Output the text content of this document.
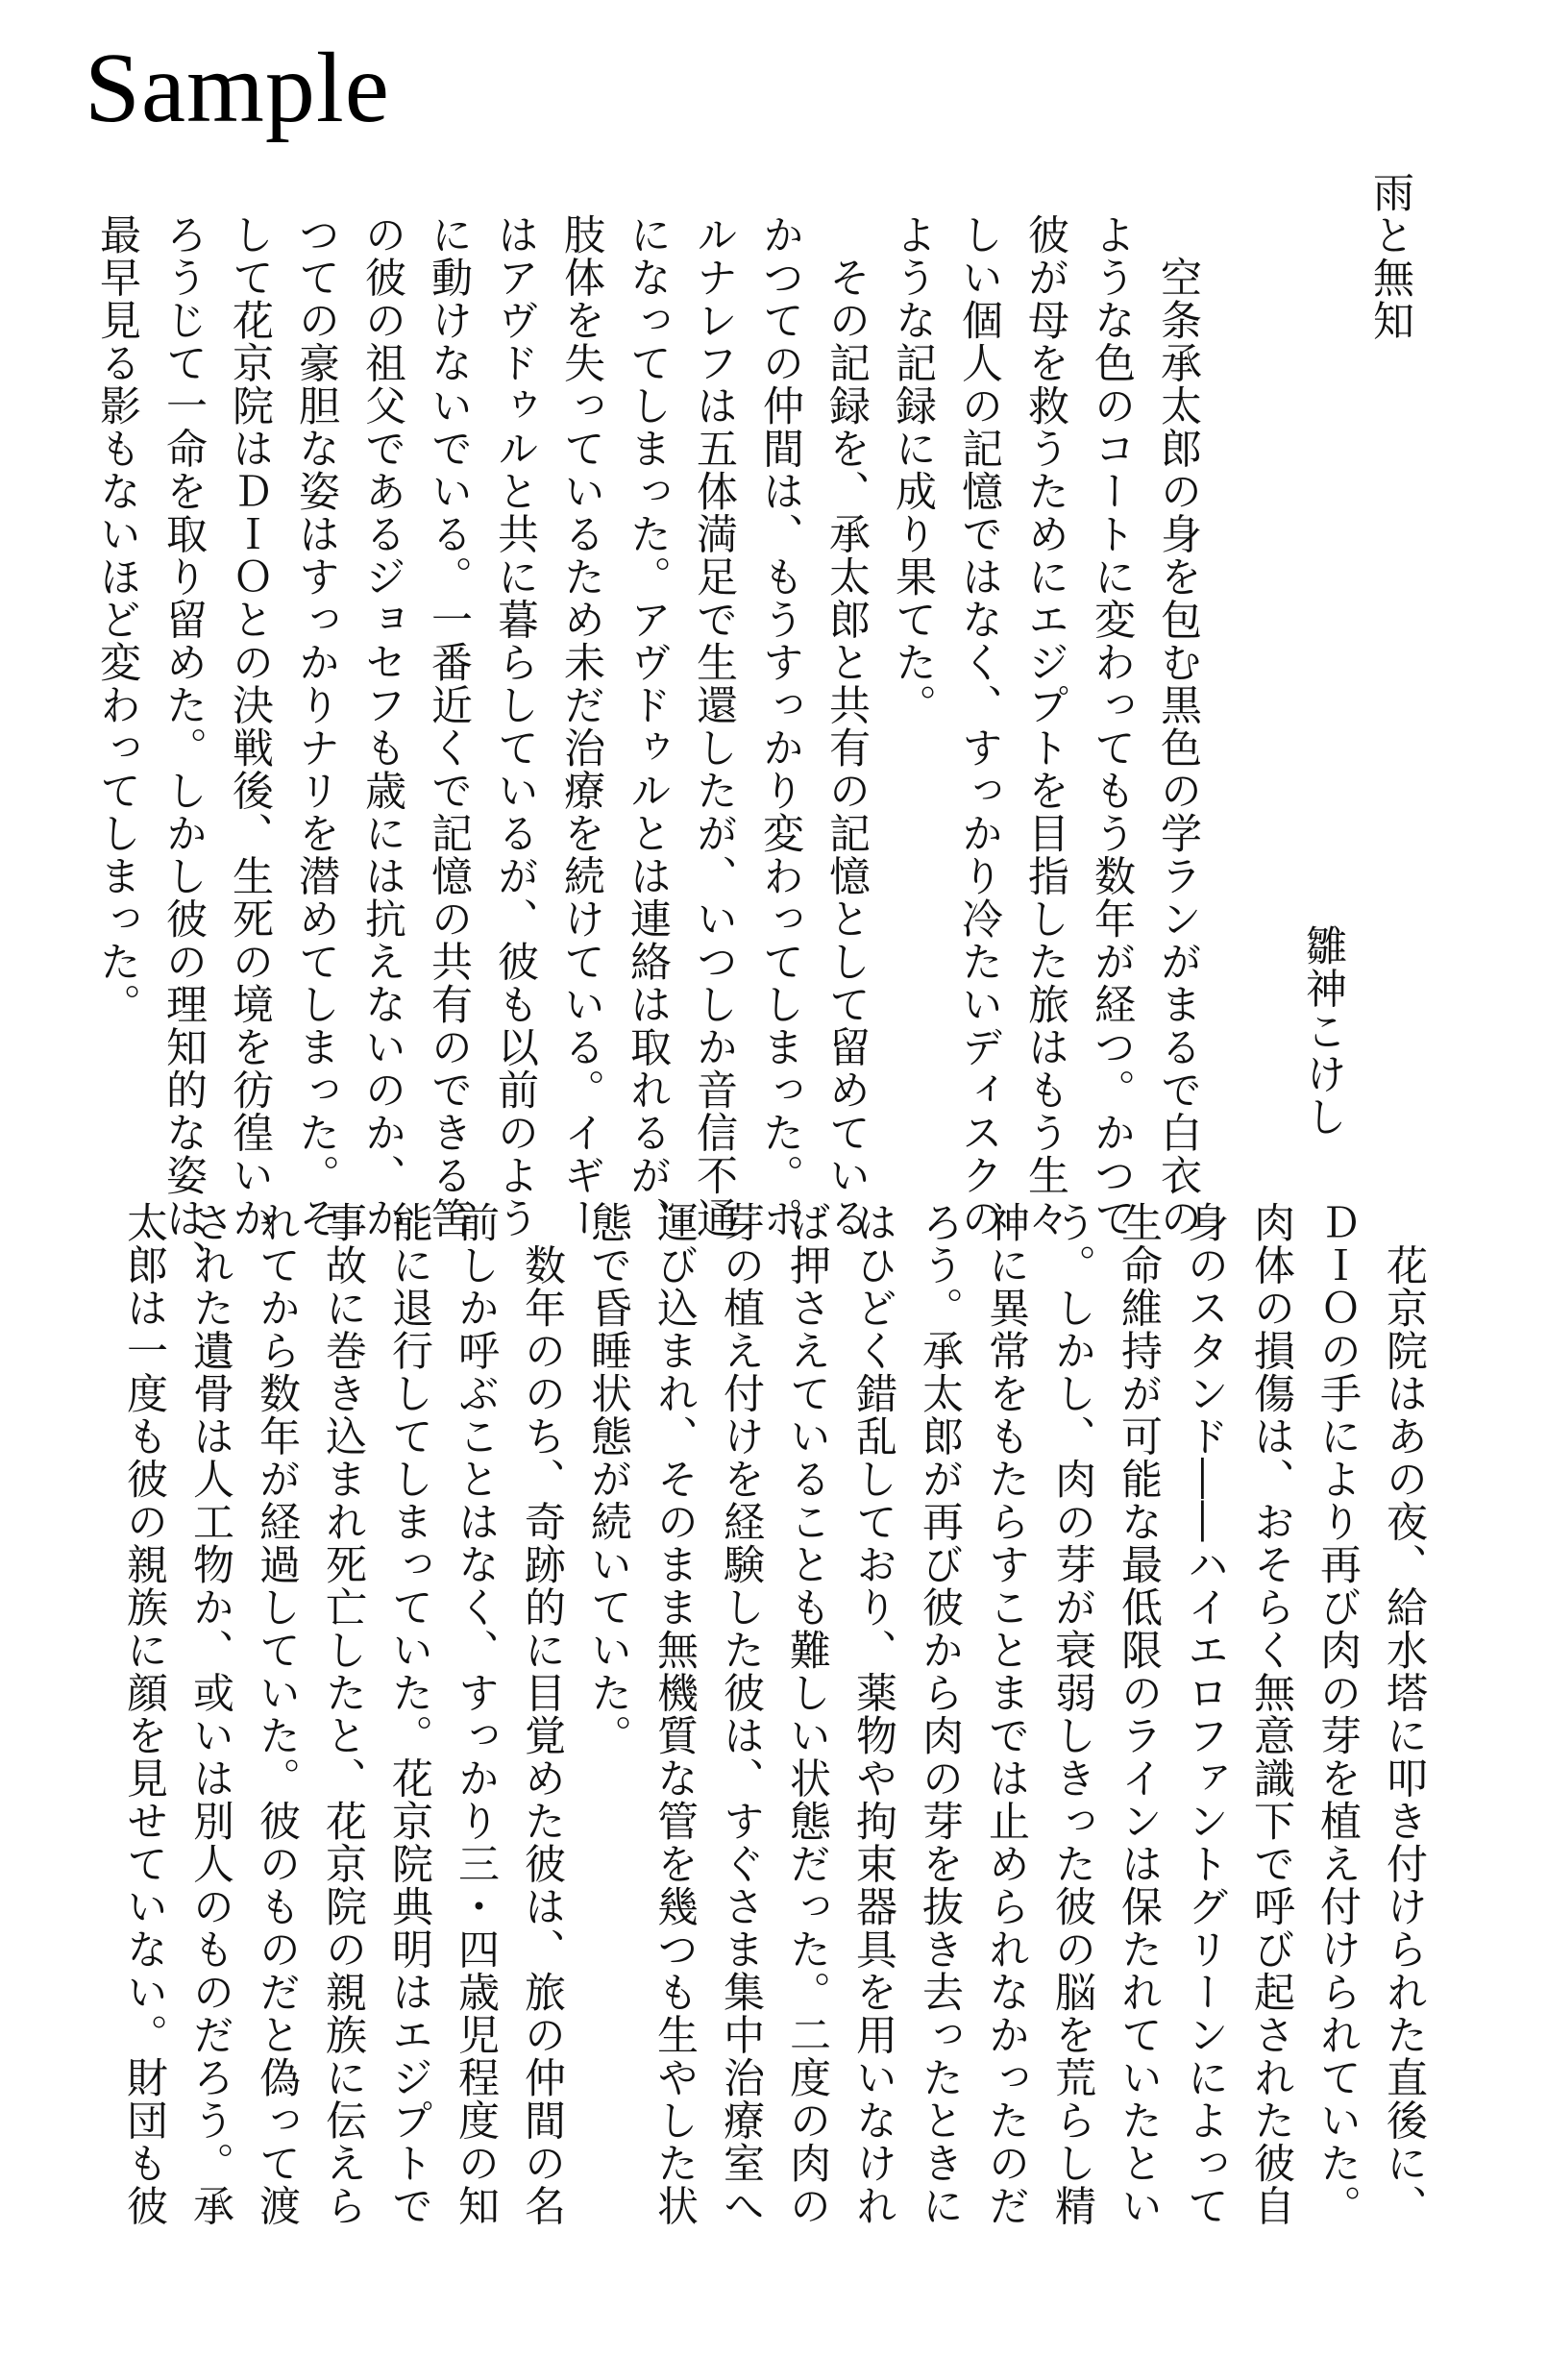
Sample
雨と無知
雛神こけし
　空条承太郎の身を包む黒色の学ランがまるで白衣の
ような色のコートに変わってもう数年が経つ。かつて
彼が母を救うためにエジプトを目指した旅はもう生々
しい個人の記憶ではなく、すっかり冷たいディスクの
ような記録に成り果てた。
　その記録を、承太郎と共有の記憶として留めている
かつての仲間は、もうすっかり変わってしまった。ポ
ルナレフは五体満足で生還したが、いつしか音信不通
になってしまった。アヴドゥルとは連絡は取れるが、
肢体を失っているため未だ治療を続けている。イギー
はアヴドゥルと共に暮らしているが、彼も以前のよう
に動けないでいる。一番近くで記憶の共有のできる筈
の彼の祖父であるジョセフも歳には抗えないのか、か
つての豪胆な姿はすっかりナリを潜めてしまった。そ
して花京院はＤＩＯとの決戦後、生死の境を彷徨いか
ろうじて一命を取り留めた。しかし彼の理知的な姿は、
最早見る影もないほど変わってしまった。
　花京院はあの夜、給水塔に叩き付けられた直後に、
ＤＩＯの手により再び肉の芽を植え付けられていた。
肉体の損傷は、おそらく無意識下で呼び起された彼自
身のスタンド――ハイエロファントグリーンによって
生命維持が可能な最低限のラインは保たれていたとい
う。しかし、肉の芽が衰弱しきった彼の脳を荒らし精
神に異常をもたらすことまでは止められなかったのだ
ろう。承太郎が再び彼から肉の芽を抜き去ったときに
はひどく錯乱しており、薬物や拘束器具を用いなけれ
ば押さえていることも難しい状態だった。二度の肉の
芽の植え付けを経験した彼は、すぐさま集中治療室へ
運び込まれ、そのまま無機質な管を幾つも生やした状
態で昏睡状態が続いていた。
　数年ののち、奇跡的に目覚めた彼は、旅の仲間の名
前しか呼ぶことはなく、すっかり三・四歳児程度の知
能に退行してしまっていた。花京院典明はエジプトで
事故に巻き込まれ死亡したと、花京院の親族に伝えら
れてから数年が経過していた。彼のものだと偽って渡
された遺骨は人工物か、或いは別人のものだろう。承
太郎は一度も彼の親族に顔を見せていない。財団も彼
